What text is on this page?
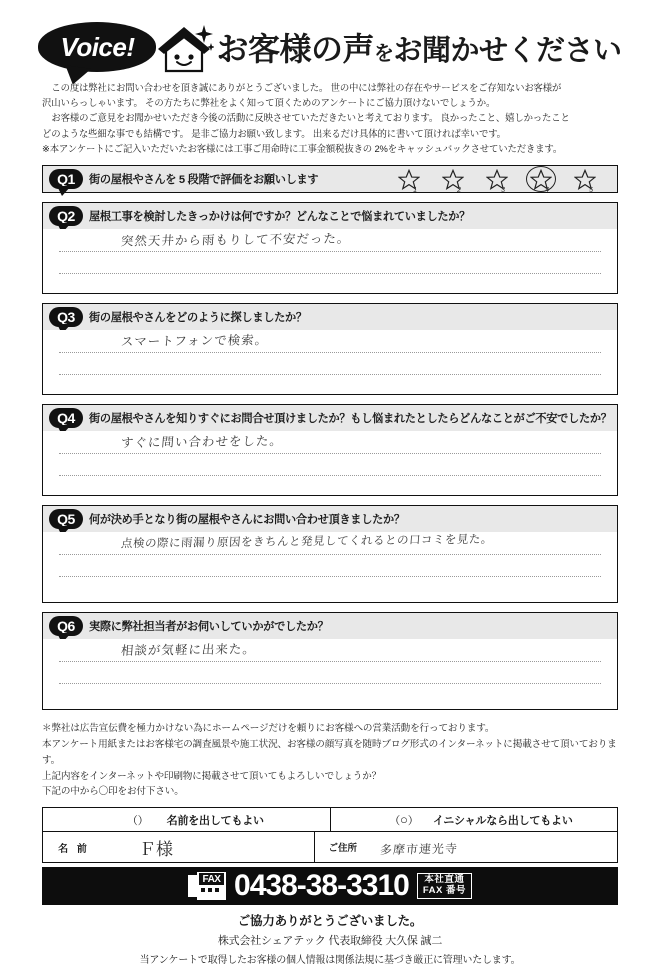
Voice!	お客様の声をお聞かせください

この度は弊社にお問い合わせを頂き誠にありがとうございました。 世の中には弊社の存在やサービスをご存知ないお客様が

沢山いらっしゃいます。 その方たちに弊社をよく知って頂くためのアンケートにご協力頂けないでしょうか。

お客様のご意見をお聞かせいただき今後の活動に反映させていただきたいと考えております。 良かったこと、嬉しかったこと

どのような些細な事でも結構です。 是非ご協力お願い致します。 出来るだけ具体的に書いて頂ければ幸いです。

※本アンケートにご記入いただいたお客様には工事ご用命時に工事金額税抜きの 2%をキャッシュバックさせていただきます。

Q1 街の屋根やさんを 5 段階で評価をお願いします
1	2	3	4	5
Q2 屋根工事を検討したきっかけは何ですか？どんなことで悩まれていましたか？
突然天井から雨もりして不安だった。
Q3 街の屋根やさんをどのように探しましたか？
スマートフォンで検索。
Q4 街の屋根やさんを知りすぐにお問合せ頂けましたか？もし悩まれたとしたらどんなことがご不安でしたか？
すぐに問い合わせをした。
Q5 何が決め手となり街の屋根やさんにお問い合わせ頂きましたか？
点検の際に雨漏り原因をきちんと発見してくれるとの口コミを見た。
Q6 実際に弊社担当者がお伺いしていかがでしたか？
相談が気軽に出来た。

＊弊社は広告宣伝費を極力かけない為にホームページだけを頼りにお客様への営業活動を行っております。

本アンケート用紙またはお客様宅の調査風景や施工状況、お客様の顔写真を随時ブログ形式のインターネットに掲載させて頂いております。

上記内容をインターネットや印刷物に掲載させて頂いてもよろしいでしょうか？

下記の中から〇印をお付下さい。

（）	名前を出してもよい	（○）	イニシャルなら出してもよい
名 前	Ｆ様	ご住所	多摩市連光寺
FAX 0438-38-3310 本社直通
FAX 番号
ご協力ありがとうございました。
株式会社シェアテック 代表取締役 大久保 誠二
当アンケートで取得したお客様の個人情報は関係法規に基づき厳正に管理いたします。
